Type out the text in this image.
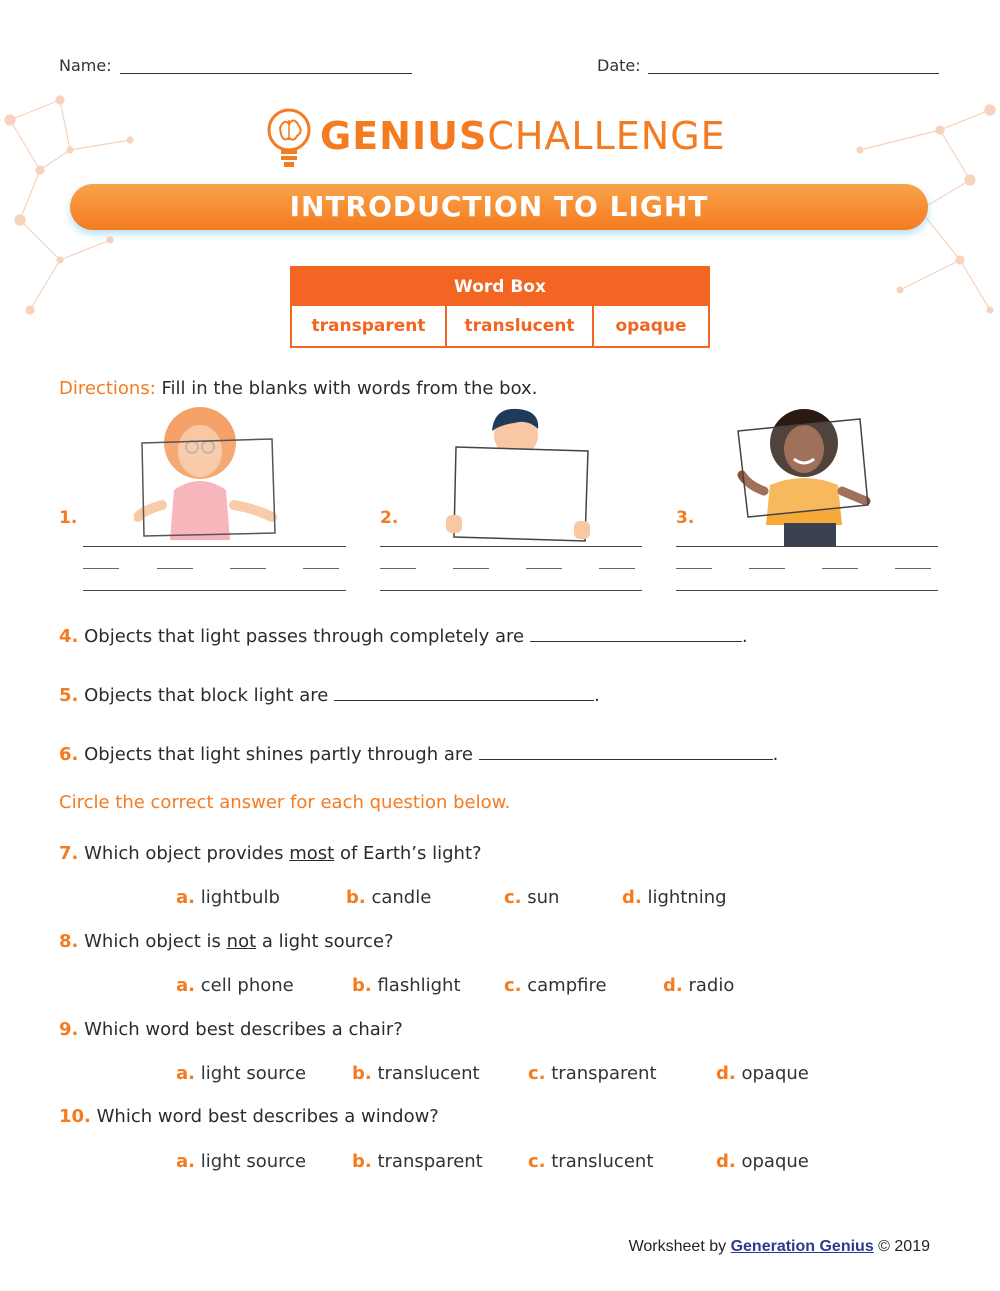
Name:	Date:
GENIUSCHALLENGE
INTRODUCTION TO LIGHT
Word Box
transparent	translucent	opaque
Directions: Fill in the blanks with words from the box.
1.	2.	3.
4. Objects that light passes through completely are	.
5. Objects that block light are	.
6. Objects that light shines partly through are	.
Circle the correct answer for each question below.
7. Which object provides most of Earth’s light?
a. lightbulb	b. candle	c. sun	d. lightning
8. Which object is not a light source?
a. cell phone	b. flashlight c. campfire	d. radio
9. Which word best describes a chair?
a. light source	b. translucent	c. transparent	d. opaque
10. Which word best describes a window?
a. light source	b. transparent	c. translucent	d. opaque
Worksheet by Generation Genius © 2019
